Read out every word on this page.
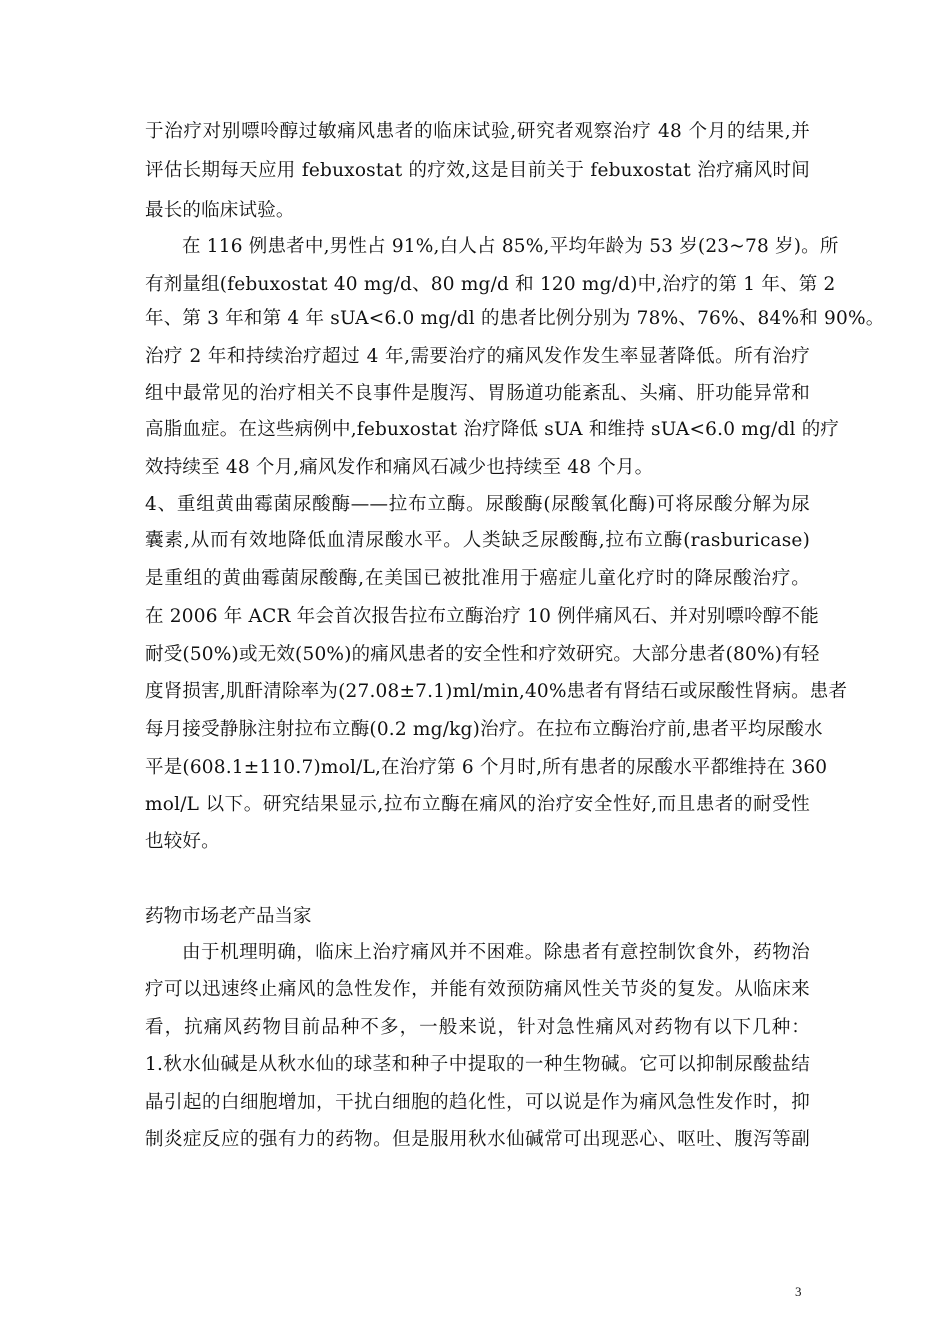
于治疗对别嘌呤醇过敏痛风患者的临床试验,研究者观察治疗 48 个月的结果,并
评估长期每天应用 febuxostat 的疗效,这是目前关于 febuxostat 治疗痛风时间
最长的临床试验。
在 116 例患者中,男性占 91%,白人占 85%,平均年龄为 53 岁(23~78 岁)。所
有剂量组(febuxostat 40 mg/d、80 mg/d 和 120 mg/d)中,治疗的第 1 年、第 2
年、第 3 年和第 4 年 sUA<6.0 mg/dl 的患者比例分别为 78%、76%、84%和 90%。
治疗 2 年和持续治疗超过 4 年,需要治疗的痛风发作发生率显著降低。所有治疗
组中最常见的治疗相关不良事件是腹泻、胃肠道功能紊乱、头痛、肝功能异常和
高脂血症。在这些病例中,febuxostat 治疗降低 sUA 和维持 sUA<6.0 mg/dl 的疗
效持续至 48 个月,痛风发作和痛风石减少也持续至 48 个月。
4、重组黄曲霉菌尿酸酶——拉布立酶。尿酸酶(尿酸氧化酶)可将尿酸分解为尿
囊素,从而有效地降低血清尿酸水平。人类缺乏尿酸酶,拉布立酶(rasburicase)
是重组的黄曲霉菌尿酸酶,在美国已被批准用于癌症儿童化疗时的降尿酸治疗。
在 2006 年 ACR 年会首次报告拉布立酶治疗 10 例伴痛风石、并对别嘌呤醇不能
耐受(50%)或无效(50%)的痛风患者的安全性和疗效研究。大部分患者(80%)有轻
度肾损害,肌酐清除率为(27.08±7.1)ml/min,40%患者有肾结石或尿酸性肾病。患者
每月接受静脉注射拉布立酶(0.2 mg/kg)治疗。在拉布立酶治疗前,患者平均尿酸水
平是(608.1±110.7)mol/L,在治疗第 6 个月时,所有患者的尿酸水平都维持在 360
mol/L 以下。研究结果显示,拉布立酶在痛风的治疗安全性好,而且患者的耐受性
也较好。
药物市场老产品当家
由于机理明确，临床上治疗痛风并不困难。除患者有意控制饮食外，药物治
疗可以迅速终止痛风的急性发作，并能有效预防痛风性关节炎的复发。从临床来
看，抗痛风药物目前品种不多，一般来说，针对急性痛风对药物有以下几种：
1.秋水仙碱是从秋水仙的球茎和种子中提取的一种生物碱。它可以抑制尿酸盐结
晶引起的白细胞增加，干扰白细胞的趋化性，可以说是作为痛风急性发作时，抑
制炎症反应的强有力的药物。但是服用秋水仙碱常可出现恶心、呕吐、腹泻等副
3
